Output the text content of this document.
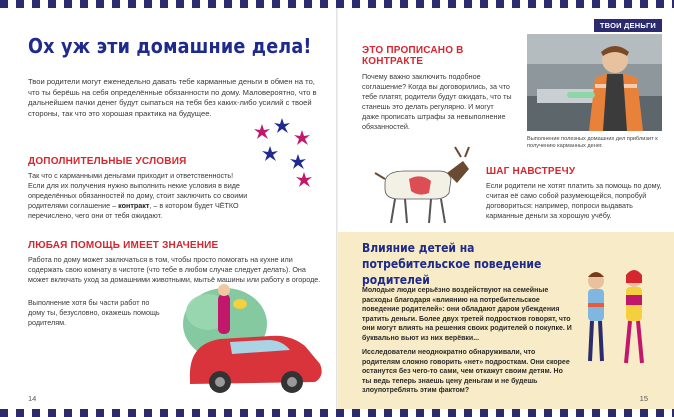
Ох уж эти домашние дела!
Твои родители могут еженедельно давать тебе карманные деньги в обмен на то, что ты берёшь на себя определённые обязанности по дому. Маловероятно, что в дальнейшем пачки денег будут сыпаться на тебя без каких-либо усилий с твоей стороны, так что это хорошая практика на будущее.
ДОПОЛНИТЕЛЬНЫЕ УСЛОВИЯ
Так что с карманными деньгами приходит и ответственность! Если для их получения нужно выполнить некие условия в виде определённых обязанностей по дому, стоит заключить со своими родителями соглашение – контракт, – в котором будет ЧЁТКО перечислено, чего они от тебя ожидают.
ЛЮБАЯ ПОМОЩЬ ИМЕЕТ ЗНАЧЕНИЕ
Работа по дому может заключаться в том, чтобы просто помогать на кухне или содержать свою комнату в чистоте (что тебе в любом случае следует делать). Она может включать уход за домашними животными, мытьё машины или работу в огороде.
Выполнение хотя бы части работ по дому ты, безусловно, окажешь помощь родителям.
14
ТВОИ ДЕНЬГИ
ЭТО ПРОПИСАНО В КОНТРАКТЕ
Почему важно заключить подобное соглашение? Когда вы договорились, за что тебе платят, родители будут ожидать, что ты станешь это делать регулярно. И могут даже прописать штрафы за невыполнение обязанностей.
Выполнение полезных домашних дел приблизит к получению карманных денег.
ШАГ НАВСТРЕЧУ
Если родители не хотят платить за помощь по дому, считая её само собой разумеющейся, попробуй договориться: например, попроси выдавать карманные деньги за хорошую учёбу.
Влияние детей на потребительское поведение родителей
Молодые люди серьёзно воздействуют на семейные расходы благодаря «влиянию на потребительское поведение родителей»: они обладают даром убеждения тратить деньги. Более двух третей подростков говорят, что они могут влиять на решения своих родителей о покупке. И буквально вьют из них верёвки...
Исследователи неоднократно обнаруживали, что родителям сложно говорить «нет» подросткам. Они скорее останутся без чего-то сами, чем откажут своим детям. Но ты ведь теперь знаешь цену деньгам и не будешь злоупотреблять этим фактом?
15
